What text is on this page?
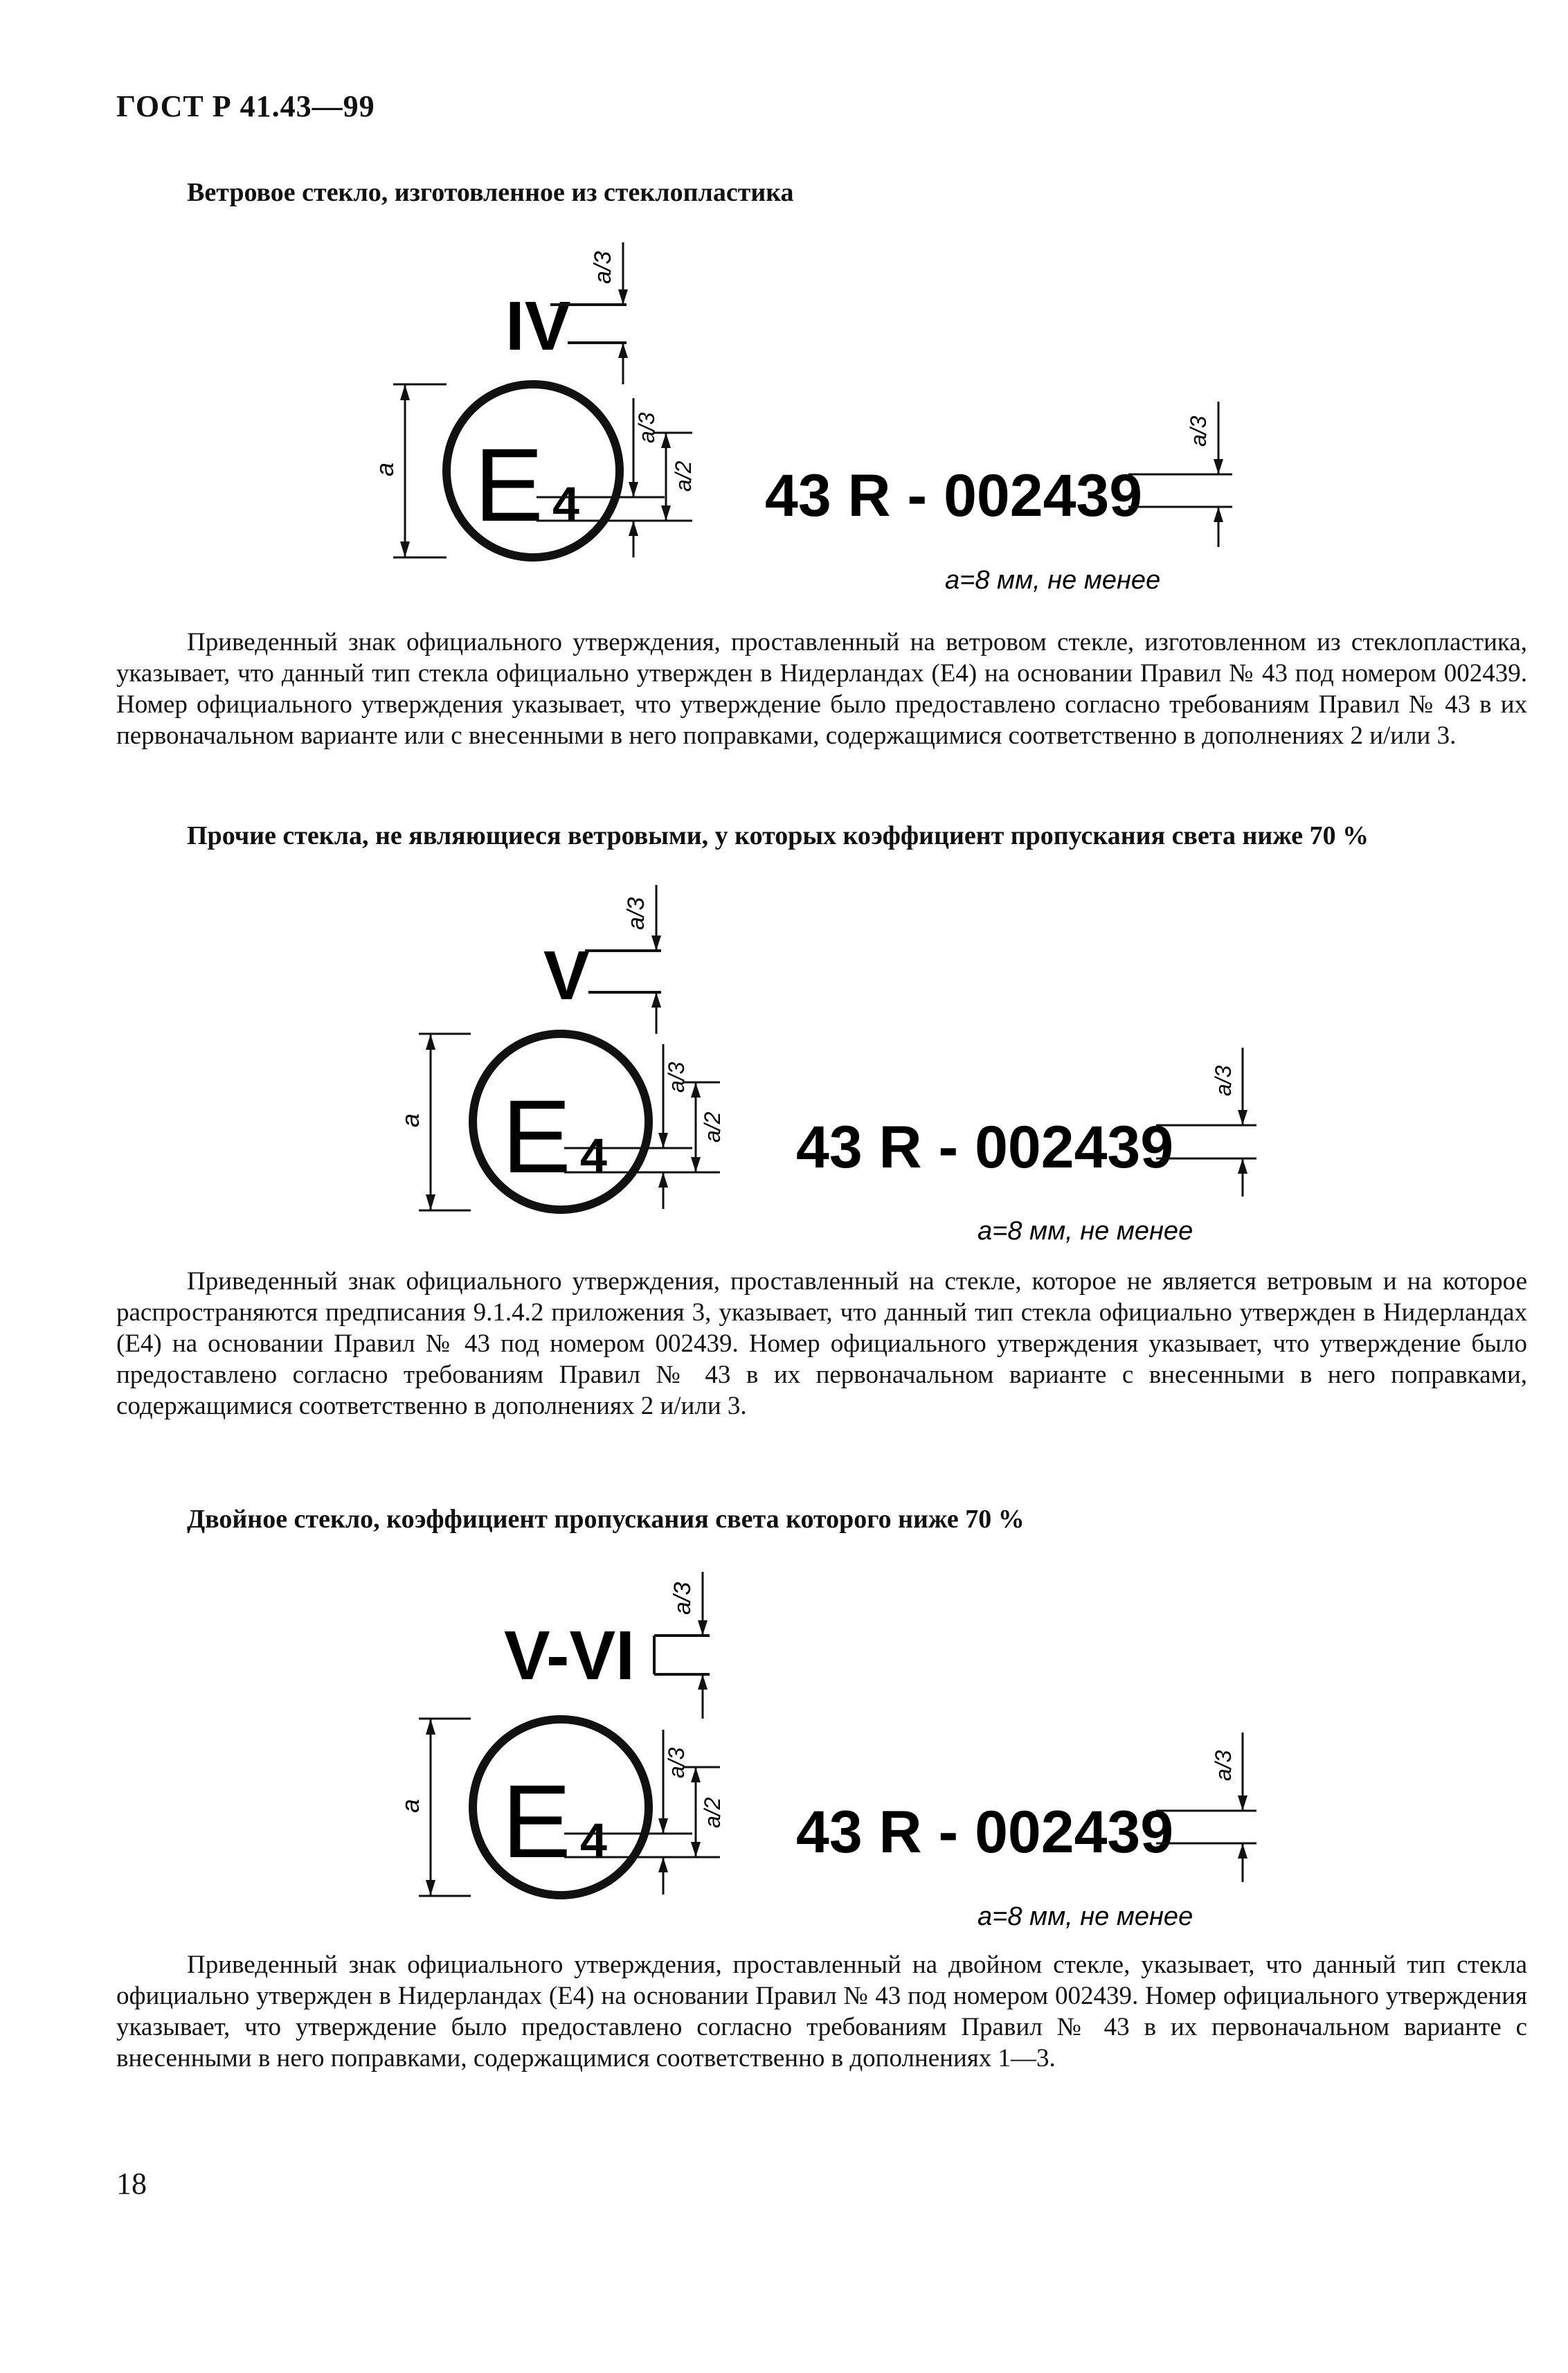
ГОСТ Р 41.43—99
Ветровое стекло, изготовленное из стеклопластика
IV
a/3
a E 4
a/3
a/2 43 R - 002439
a/3
a=8 мм, не менее

Приведенный знак официального утверждения, проставленный на ветровом стекле, изготовленном из стеклопластика, указывает, что данный тип стекла официально утвержден в Нидерландах (E4) на основании Правил № 43 под номером 002439. Номер официального утверждения указывает, что утверждение было предоставлено согласно требованиям Правил № 43 в их первоначальном варианте или с внесенными в него поправками, содержащимися соответственно в дополнениях 2 и/или 3.

Прочие стекла, не являющиеся ветровыми, у которых коэффициент пропускания света ниже 70 %
V
a/3
a E 4
a/3
a/2 43 R - 002439
a/3
a=8 мм, не менее

Приведенный знак официального утверждения, проставленный на стекле, которое не является ветровым и на которое распространяются предписания 9.1.4.2 приложения 3, указывает, что данный тип стекла официально утвержден в Нидерландах (E4) на основании Правил № 43 под номером 002439. Номер официального утверждения указывает, что утверждение было предоставлено согласно требованиям Правил № 43 в их первоначальном варианте с внесенными в него поправками, содержащимися соответственно в дополнениях 2 и/или 3.

Двойное стекло, коэффициент пропускания света которого ниже 70 %
V-VI
a/3
a E 4
a/3
a/2 43 R - 002439
a/3
a=8 мм, не менее

Приведенный знак официального утверждения, проставленный на двойном стекле, указывает, что данный тип стекла официально утвержден в Нидерландах (E4) на основании Правил № 43 под номером 002439. Номер официального утверждения указывает, что утверждение было предоставлено согласно требованиям Правил № 43 в их первоначальном варианте с внесенными в него поправками, содержащимися соответственно в дополнениях 1—3.

18
